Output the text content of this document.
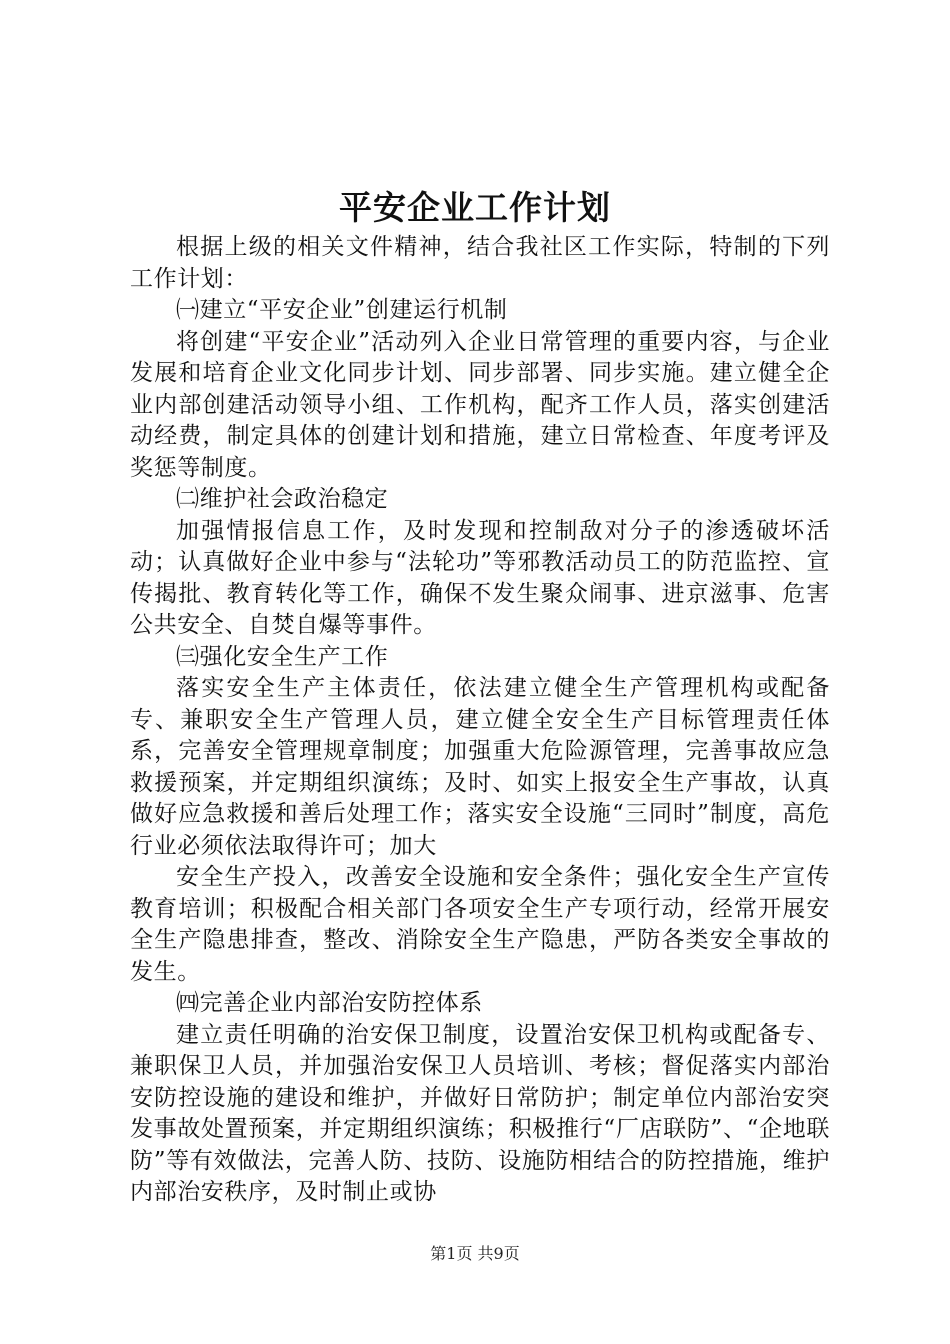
平安企业工作计划

根据上级的相关文件精神，结合我社区工作实际，特制的下列工作计划：

㈠建立“平安企业”创建运行机制

将创建“平安企业”活动列入企业日常管理的重要内容，与企业发展和培育企业文化同步计划、同步部署、同步实施。建立健全企业内部创建活动领导小组、工作机构，配齐工作人员，落实创建活动经费，制定具体的创建计划和措施，建立日常检查、年度考评及奖惩等制度。

㈡维护社会政治稳定

加强情报信息工作，及时发现和控制敌对分子的渗透破坏活动；认真做好企业中参与“法轮功”等邪教活动员工的防范监控、宣传揭批、教育转化等工作，确保不发生聚众闹事、进京滋事、危害公共安全、自焚自爆等事件。

㈢强化安全生产工作

落实安全生产主体责任，依法建立健全生产管理机构或配备专、兼职安全生产管理人员，建立健全安全生产目标管理责任体系，完善安全管理规章制度；加强重大危险源管理，完善事故应急救援预案，并定期组织演练；及时、如实上报安全生产事故，认真做好应急救援和善后处理工作；落实安全设施“三同时”制度，高危行业必须依法取得许可；加大

安全生产投入，改善安全设施和安全条件；强化安全生产宣传教育培训；积极配合相关部门各项安全生产专项行动，经常开展安全生产隐患排查，整改、消除安全生产隐患，严防各类安全事故的发生。

㈣完善企业内部治安防控体系

建立责任明确的治安保卫制度，设置治安保卫机构或配备专、兼职保卫人员，并加强治安保卫人员培训、考核；督促落实内部治安防控设施的建设和维护，并做好日常防护；制定单位内部治安突发事故处置预案，并定期组织演练；积极推行“厂店联防”、“企地联防”等有效做法，完善人防、技防、设施防相结合的防控措施，维护内部治安秩序，及时制止或协

第1页 共9页
